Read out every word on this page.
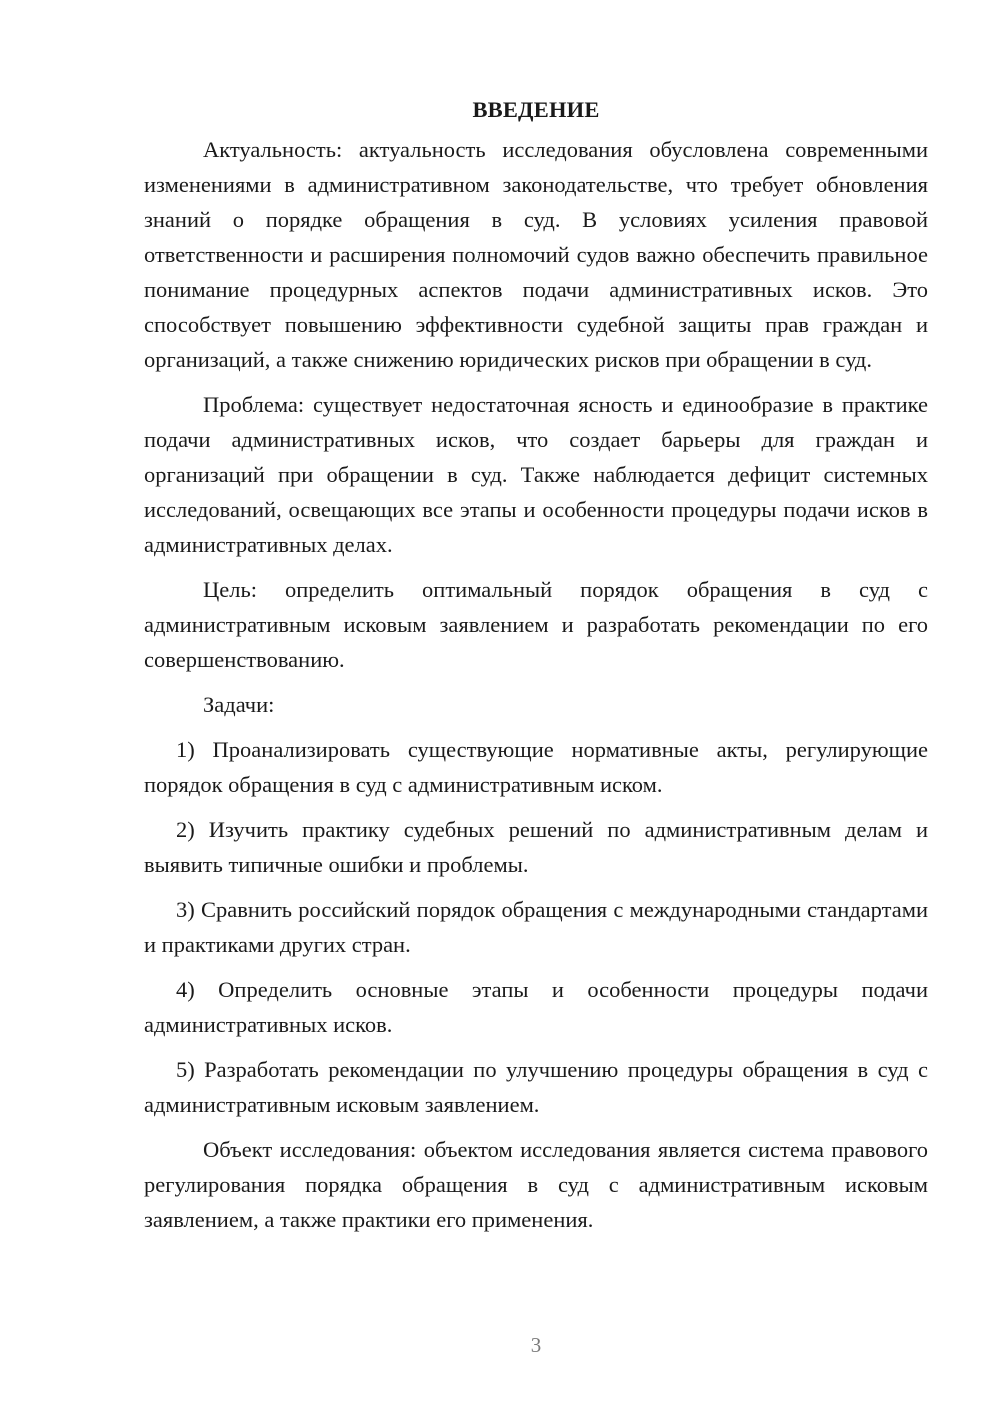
ВВЕДЕНИЕ

Актуальность: актуальность исследования обусловлена современными изменениями в административном законодательстве, что требует обновления знаний о порядке обращения в суд. В условиях усиления правовой ответственности и расширения полномочий судов важно обеспечить правильное понимание процедурных аспектов подачи административных исков. Это способствует повышению эффективности судебной защиты прав граждан и организаций, а также снижению юридических рисков при обращении в суд.

Проблема: существует недостаточная ясность и единообразие в практике подачи административных исков, что создает барьеры для граждан и организаций при обращении в суд. Также наблюдается дефицит системных исследований, освещающих все этапы и особенности процедуры подачи исков в административных делах.

Цель: определить оптимальный порядок обращения в суд с административным исковым заявлением и разработать рекомендации по его совершенствованию.

Задачи:

1) Проанализировать существующие нормативные акты, регулирующие порядок обращения в суд с административным иском.

2) Изучить практику судебных решений по административным делам и выявить типичные ошибки и проблемы.

3) Сравнить российский порядок обращения с международными стандартами и практиками других стран.

4) Определить основные этапы и особенности процедуры подачи административных исков.

5) Разработать рекомендации по улучшению процедуры обращения в суд с административным исковым заявлением.

Объект исследования: объектом исследования является система правового регулирования порядка обращения в суд с административным исковым заявлением, а также практики его применения.

3
